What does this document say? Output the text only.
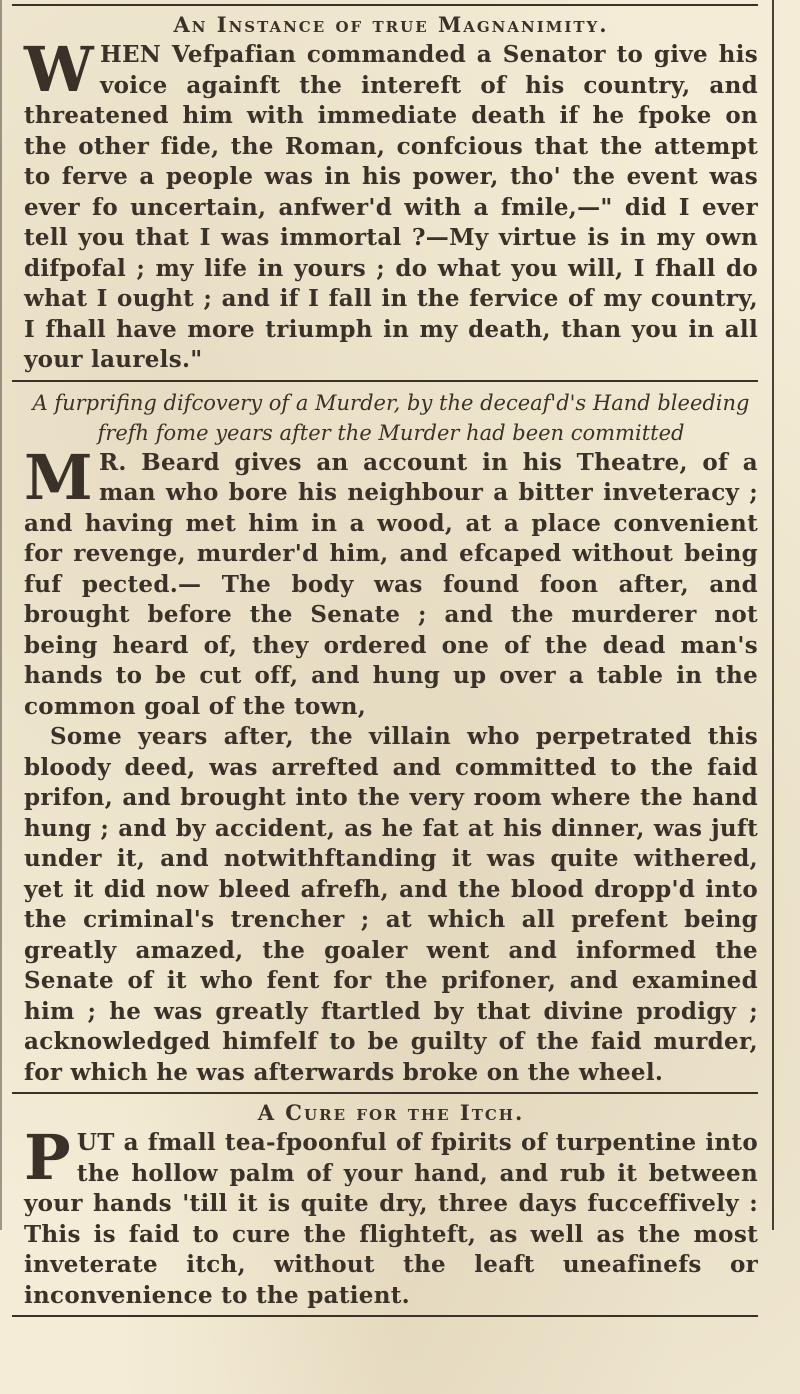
An Instance of true Magnanimity.

WHEN Vefpafian commanded a Senator to give his voice againft the intereft of his country, and threatened him with immediate death if he fpoke on the other fide, the Roman, confcious that the attempt to ferve a people was in his power, tho' the event was ever fo uncertain, anfwer'd with a fmile,—" did I ever tell you that I was immortal ?—My virtue is in my own difpofal ; my life in yours ; do what you will, I fhall do what I ought ; and if I fall in the fervice of my country, I fhall have more triumph in my death, than you in all your laurels."

A furprifing difcovery of a Murder, by the deceaf'd's Hand bleeding frefh fome years after the Murder had been committed

M R. Beard gives an account in his Theatre, of a man who bore his neighbour a bitter inveteracy ; and having met him in a wood, at a place convenient for revenge, murder'd him, and efcaped without being fuf pected.— The body was found foon after, and brought before the Senate ; and the murderer not being heard of, they ordered one of the dead man's hands to be cut off, and hung up over a table in the common goal of the town,

Some years after, the villain who perpetrated this bloody deed, was arrefted and committed to the faid prifon, and brought into the very room where the hand hung ; and by accident, as he fat at his dinner, was juft under it, and notwithftanding it was quite withered, yet it did now bleed afrefh, and the blood dropp'd into the criminal's trencher ; at which all prefent being greatly amazed, the goaler went and informed the Senate of it who fent for the prifoner, and examined him ; he was greatly ftartled by that divine prodigy ; acknowledged himfelf to be guilty of the faid murder, for which he was afterwards broke on the wheel.

A Cure for the Itch.

PUT a fmall tea-fpoonful of fpirits of turpentine into the hollow palm of your hand, and rub it between your hands 'till it is quite dry, three days fucceffively : This is faid to cure the flighteft, as well as the most inveterate itch, without the leaft uneafinefs or inconvenience to the patient.
